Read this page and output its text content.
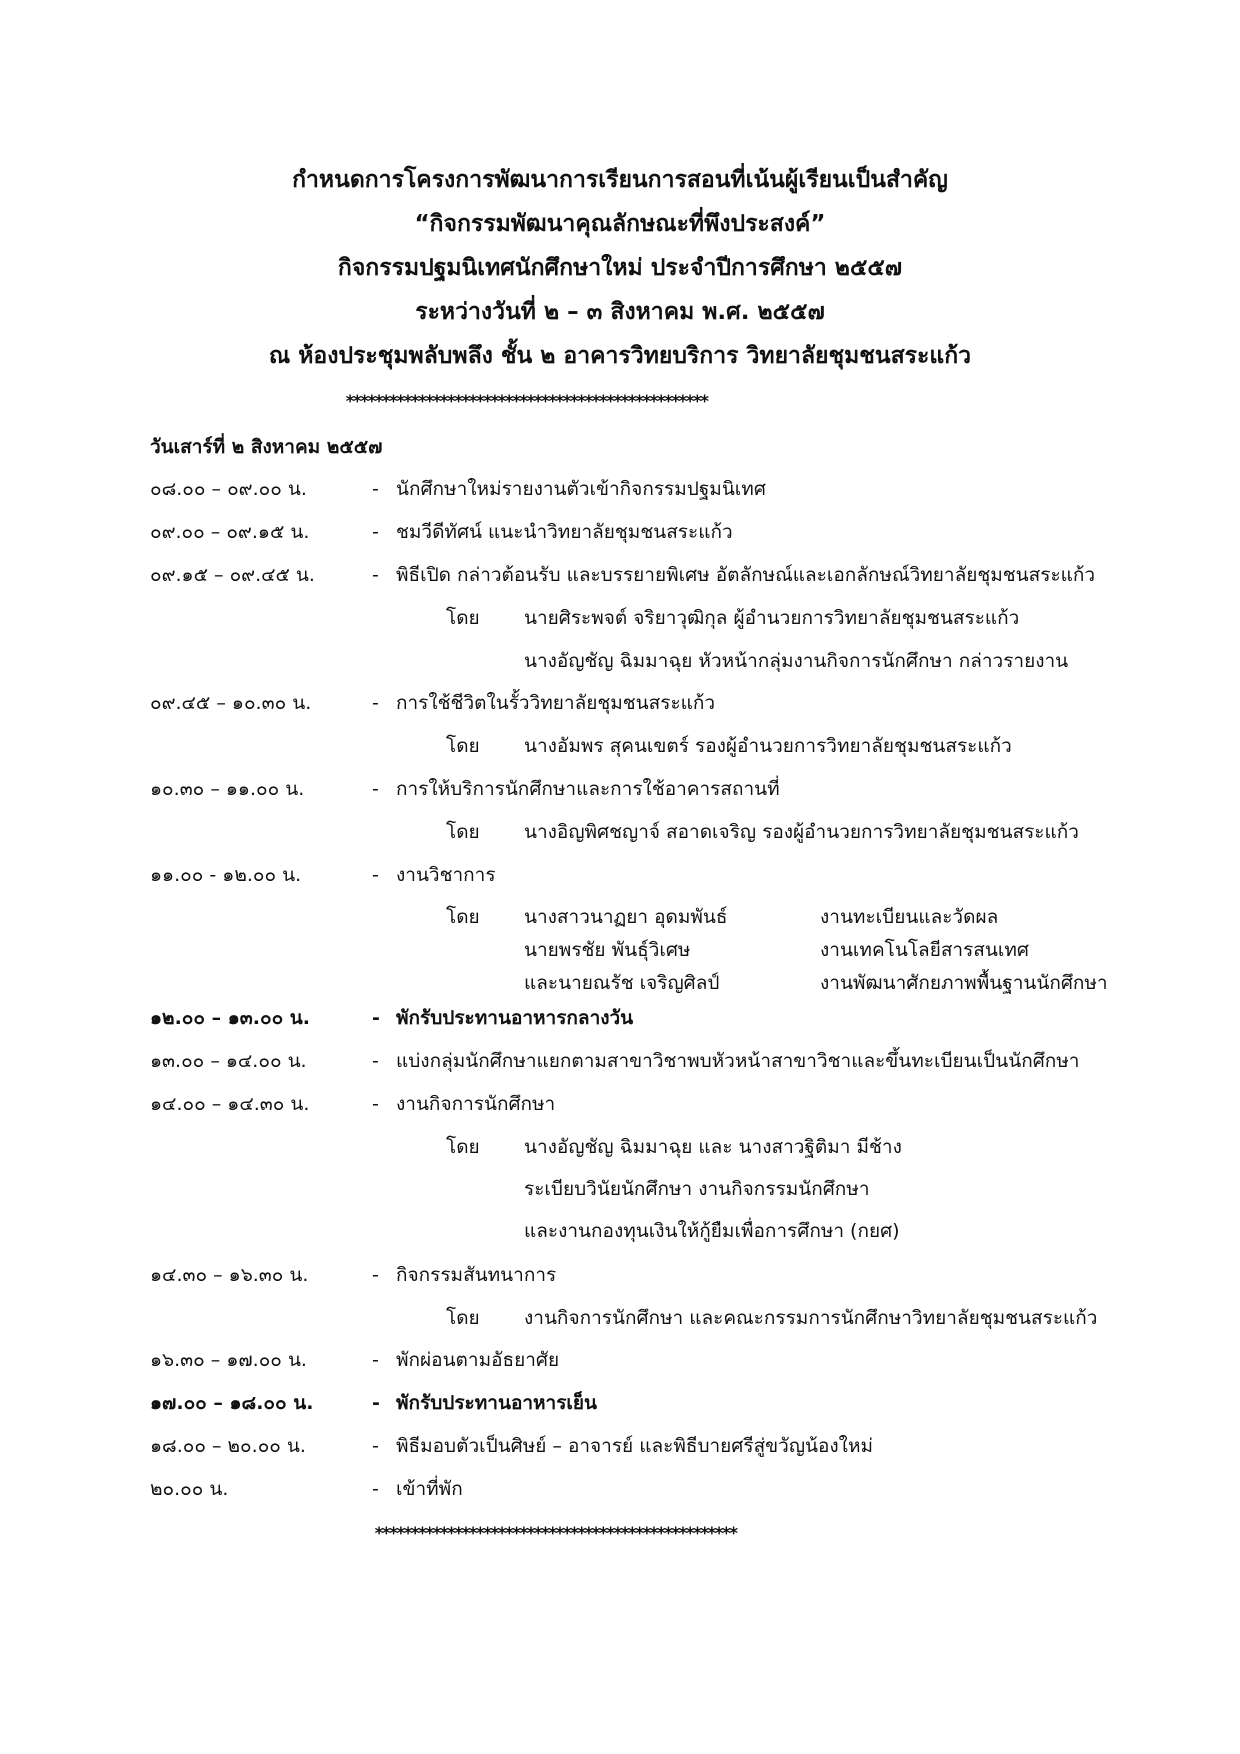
กำหนดการโครงการพัฒนาการเรียนการสอนที่เน้นผู้เรียนเป็นสำคัญ
“กิจกรรมพัฒนาคุณลักษณะที่พึงประสงค์”
กิจกรรมปฐมนิเทศนักศึกษาใหม่ ประจำปีการศึกษา ๒๕๕๗
ระหว่างวันที่ ๒ – ๓ สิงหาคม พ.ศ. ๒๕๕๗
ณ ห้องประชุมพลับพลึง ชั้น ๒ อาคารวิทยบริการ วิทยาลัยชุมชนสระแก้ว
**************************************************
วันเสาร์ที่ ๒ สิงหาคม ๒๕๕๗
๐๘.๐๐ – ๐๙.๐๐ น.	- นักศึกษาใหม่รายงานตัวเข้ากิจกรรมปฐมนิเทศ
๐๙.๐๐ – ๐๙.๑๕ น.	- ชมวีดีทัศน์ แนะนำวิทยาลัยชุมชนสระแก้ว
๐๙.๑๕ – ๐๙.๔๕ น.	- พิธีเปิด กล่าวต้อนรับ และบรรยายพิเศษ อัตลักษณ์และเอกลักษณ์วิทยาลัยชุมชนสระแก้ว
โดย นายศิระพจต์ จริยาวุฒิกุล ผู้อำนวยการวิทยาลัยชุมชนสระแก้ว
นางอัญชัญ ฉิมมาฉุย หัวหน้ากลุ่มงานกิจการนักศึกษา กล่าวรายงาน
๐๙.๔๕ – ๑๐.๓๐ น.	- การใช้ชีวิตในรั้ววิทยาลัยชุมชนสระแก้ว
โดย นางอัมพร สุคนเขตร์ รองผู้อำนวยการวิทยาลัยชุมชนสระแก้ว
๑๐.๓๐ – ๑๑.๐๐ น.	- การให้บริการนักศึกษาและการใช้อาคารสถานที่
โดย นางอิญพิศชญาจ์ สอาดเจริญ รองผู้อำนวยการวิทยาลัยชุมชนสระแก้ว
๑๑.๐๐ - ๑๒.๐๐ น.	- งานวิชาการ
โดย นางสาวนาฏยา อุดมพันธ์	งานทะเบียนและวัดผล
นายพรชัย พันธุ์วิเศษ	งานเทคโนโลยีสารสนเทศ
และนายณรัช เจริญศิลป์	งานพัฒนาศักยภาพพื้นฐานนักศึกษา
๑๒.๐๐ – ๑๓.๐๐ น.	- พักรับประทานอาหารกลางวัน
๑๓.๐๐ – ๑๔.๐๐ น.	- แบ่งกลุ่มนักศึกษาแยกตามสาขาวิชาพบหัวหน้าสาขาวิชาและขึ้นทะเบียนเป็นนักศึกษา
๑๔.๐๐ – ๑๔.๓๐ น.	- งานกิจการนักศึกษา
โดย นางอัญชัญ ฉิมมาฉุย และ นางสาวฐิติมา มีช้าง
ระเบียบวินัยนักศึกษา งานกิจกรรมนักศึกษา
และงานกองทุนเงินให้กู้ยืมเพื่อการศึกษา (กยศ)
๑๔.๓๐ – ๑๖.๓๐ น.	- กิจกรรมสันทนาการ
โดย งานกิจการนักศึกษา และคณะกรรมการนักศึกษาวิทยาลัยชุมชนสระแก้ว
๑๖.๓๐ – ๑๗.๐๐ น.	- พักผ่อนตามอัธยาศัย
๑๗.๐๐ – ๑๘.๐๐ น.	- พักรับประทานอาหารเย็น
๑๘.๐๐ – ๒๐.๐๐ น.	- พิธีมอบตัวเป็นศิษย์ – อาจารย์ และพิธีบายศรีสู่ขวัญน้องใหม่
๒๐.๐๐ น.	- เข้าที่พัก
**************************************************
